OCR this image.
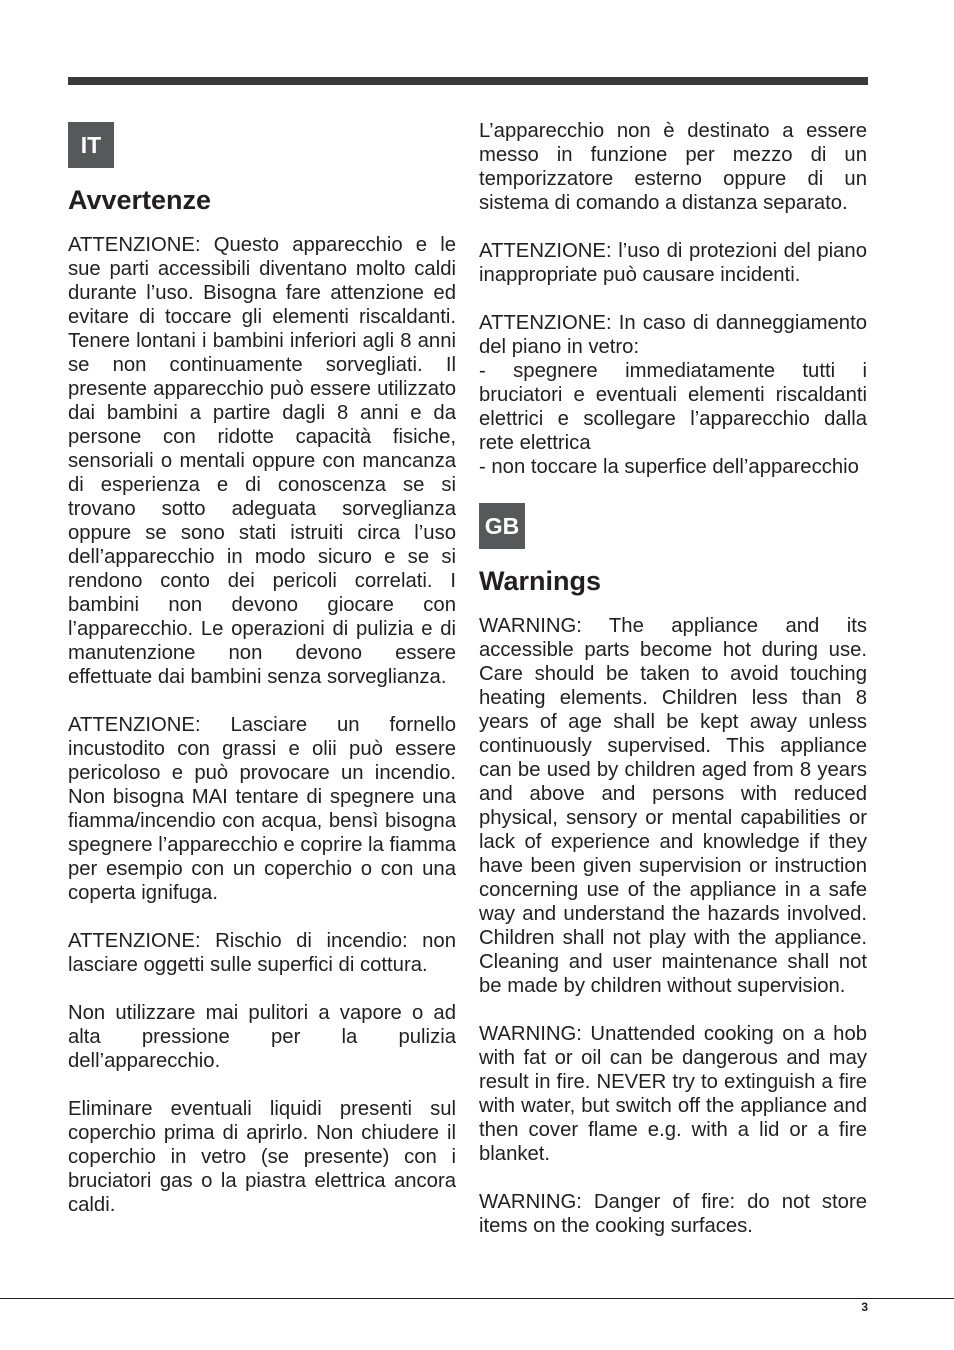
IT
Avvertenze

ATTENZIONE: Questo apparecchio e le sue parti accessibili diventano molto caldi durante l’uso. Bisogna fare attenzione ed evitare di toccare gli elementi riscaldanti. Tenere lontani i bambini inferiori agli 8 anni se non continuamente sorvegliati. Il presente apparecchio può essere utilizzato dai bambini a partire dagli 8 anni e da persone con ridotte capacità fisiche, sensoriali o mentali oppure con mancanza di esperienza e di conoscenza se si trovano sotto adeguata sorveglianza oppure se sono stati istruiti circa l’uso dell’apparecchio in modo sicuro e se si rendono conto dei pericoli correlati. I bambini non devono giocare con l’apparecchio. Le operazioni di pulizia e di manutenzione non devono essere effettuate dai bambini senza sorveglianza.

ATTENZIONE: Lasciare un fornello incustodito con grassi e olii può essere pericoloso e può provocare un incendio. Non bisogna MAI tentare di spegnere una fiamma/incendio con acqua, bensì bisogna spegnere l’apparecchio e coprire la fiamma per esempio con un coperchio o con una coperta ignifuga.

ATTENZIONE: Rischio di incendio: non lasciare oggetti sulle superfici di cottura.

Non utilizzare mai pulitori a vapore o ad alta pressione per la pulizia dell’apparecchio.

Eliminare eventuali liquidi presenti sul coperchio prima di aprirlo. Non chiudere il coperchio in vetro (se presente) con i bruciatori gas o la piastra elettrica ancora caldi.

L’apparecchio non è destinato a essere messo in funzione per mezzo di un temporizzatore esterno oppure di un sistema di comando a distanza separato.

ATTENZIONE: l’uso di protezioni del piano inappropriate può causare incidenti.

ATTENZIONE: In caso di danneggiamento del piano in vetro:

- spegnere immediatamente tutti i bruciatori e eventuali elementi riscaldanti elettrici e scollegare l’apparecchio dalla rete elettrica

- non toccare la superfice dell’apparecchio

GB
Warnings

WARNING: The appliance and its accessible parts become hot during use. Care should be taken to avoid touching heating elements. Children less than 8 years of age shall be kept away unless continuously supervised. This appliance can be used by children aged from 8 years and above and persons with reduced physical, sensory or mental capabilities or lack of experience and knowledge if they have been given supervision or instruction concerning use of the appliance in a safe way and understand the hazards involved. Children shall not play with the appliance. Cleaning and user maintenance shall not be made by children without supervision.

WARNING: Unattended cooking on a hob with fat or oil can be dangerous and may result in fire. NEVER try to extinguish a fire with water, but switch off the appliance and then cover flame e.g. with a lid or a fire blanket.

WARNING: Danger of fire: do not store items on the cooking surfaces.

3
